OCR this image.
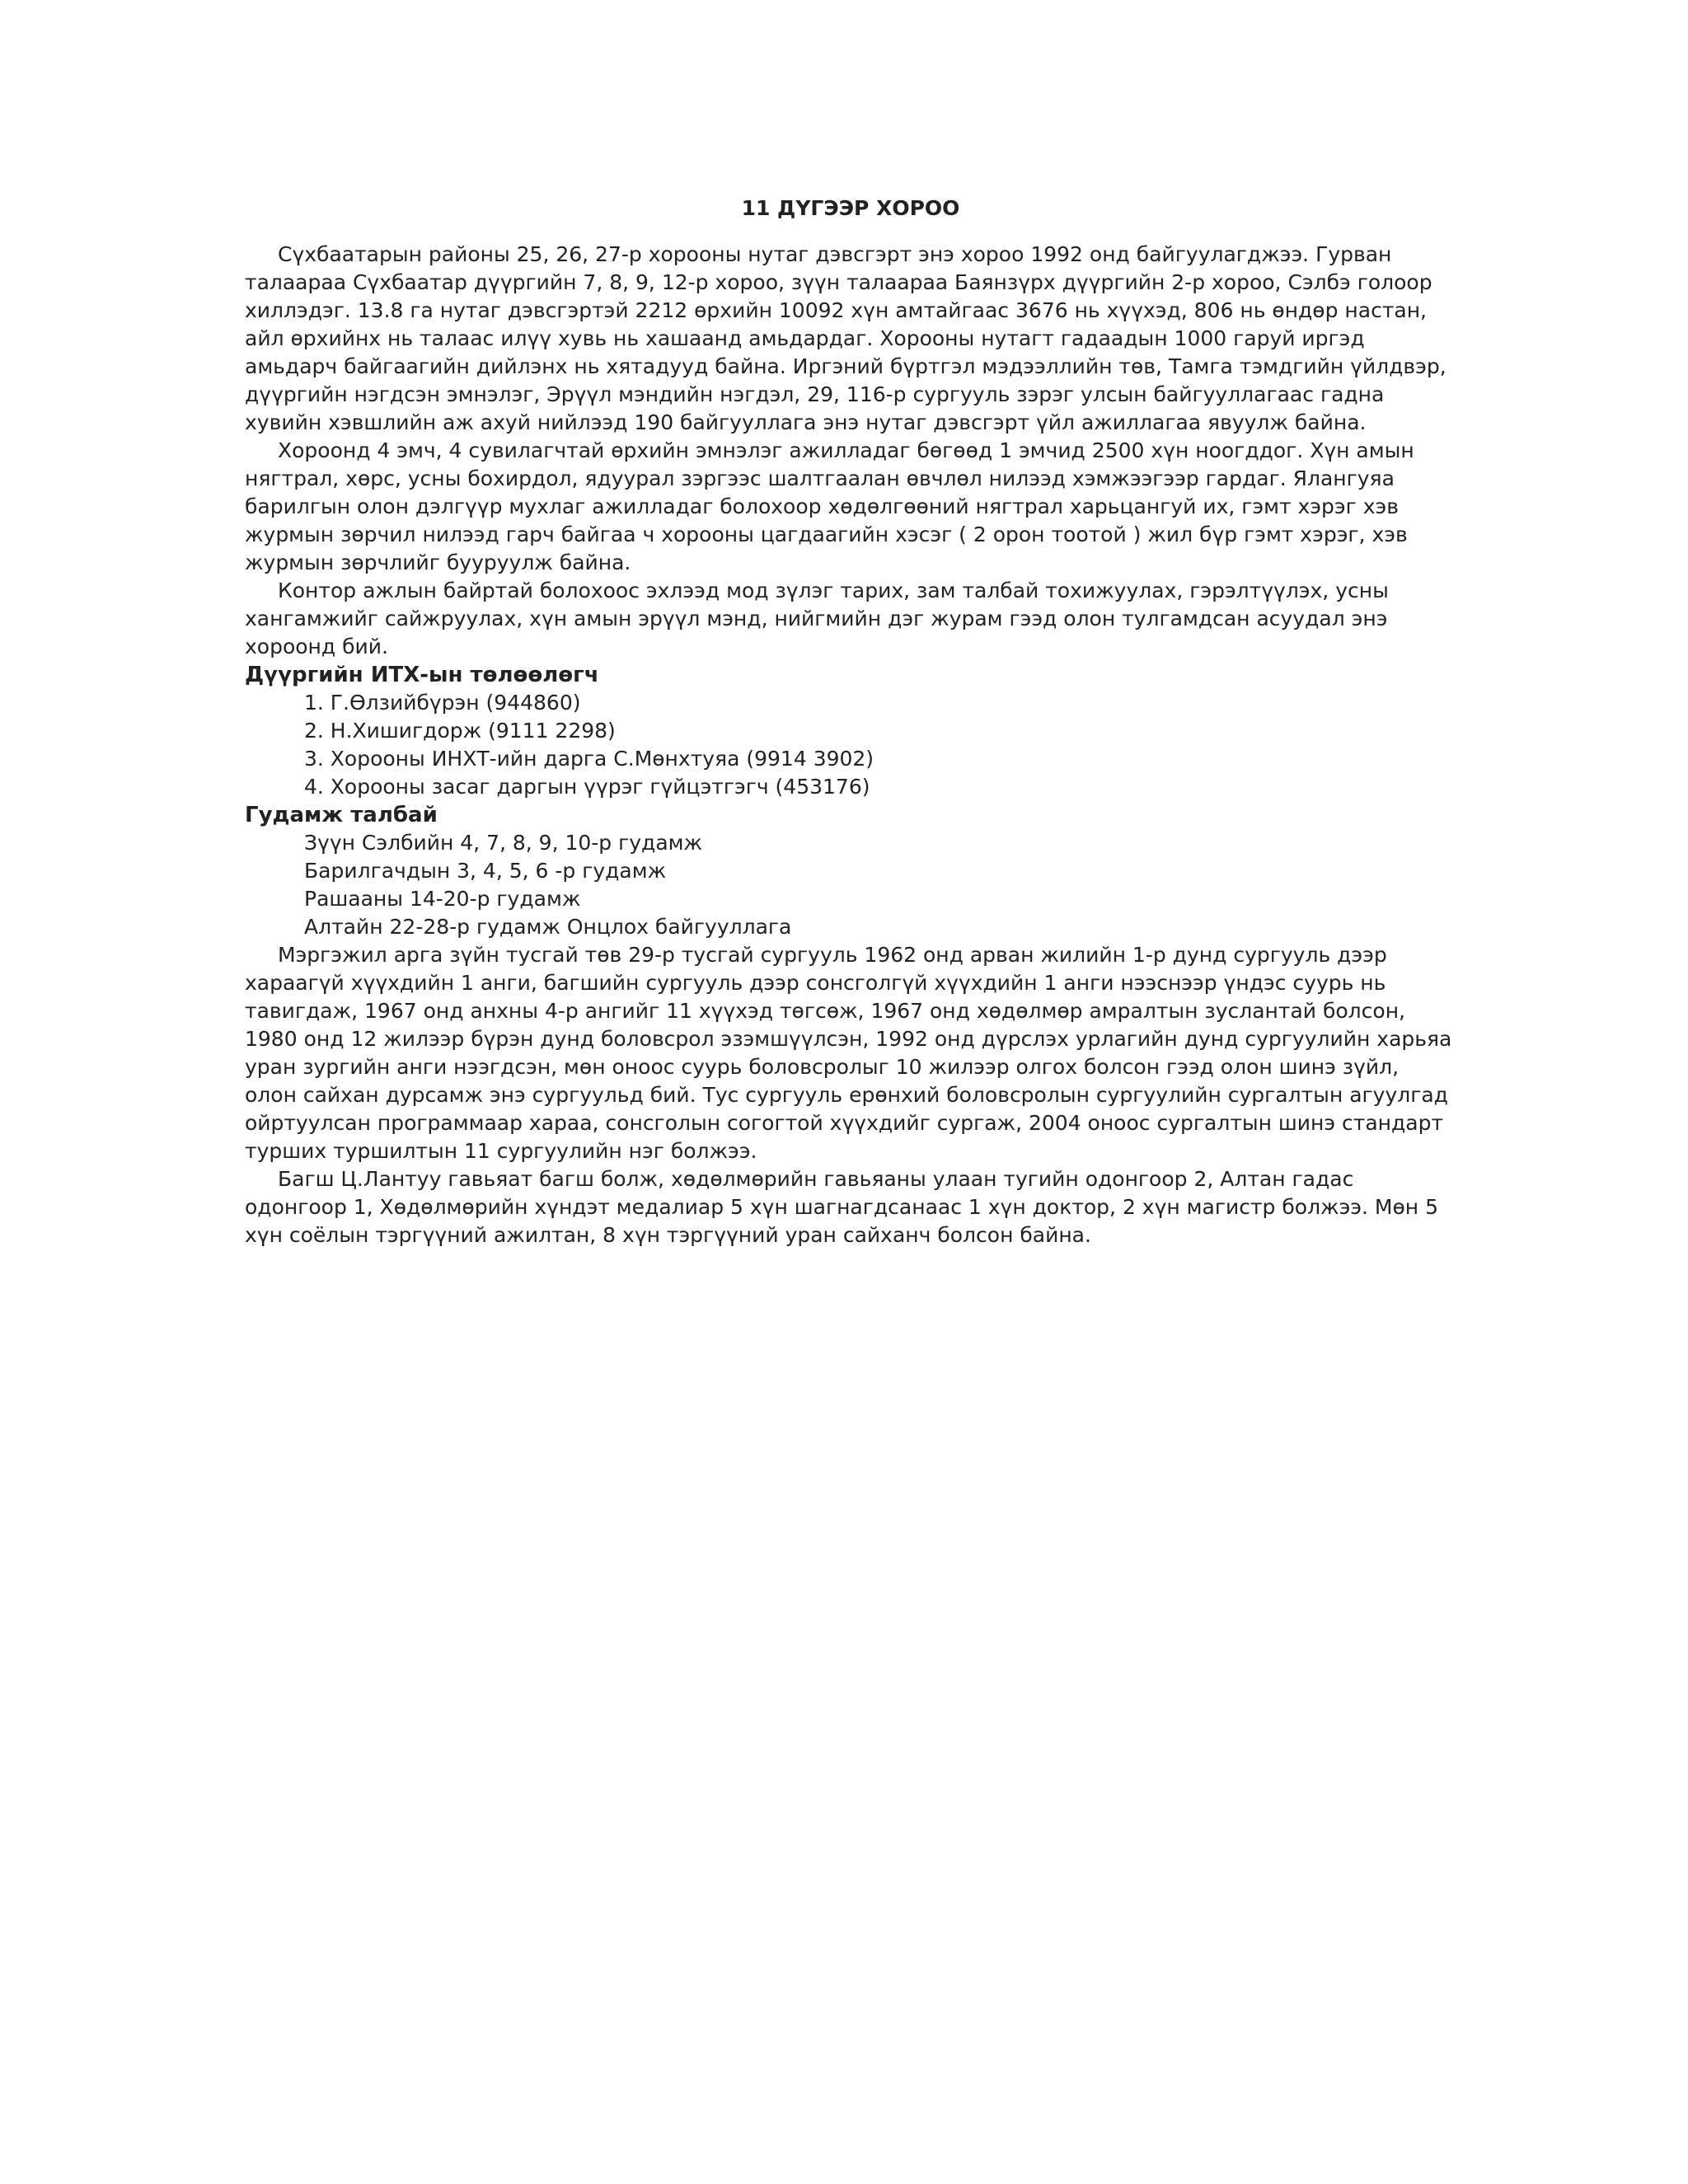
11 ДҮГЭЭР ХОРОО

Сүхбаатарын районы 25, 26, 27-р хорооны нутаг дэвсгэрт энэ хороо 1992 онд байгуулагджээ. Гурван
талаараа Сүхбаатар дүүргийн 7, 8, 9, 12-р хороо, зүүн талаараа Баянзүрх дүүргийн 2-р хороо, Сэлбэ голоор
хиллэдэг. 13.8 га нутаг дэвсгэртэй 2212 өрхийн 10092 хүн амтайгаас 3676 нь хүүхэд, 806 нь өндөр настан,
айл өрхийнх нь талаас илүү хувь нь хашаанд амьдардаг. Хорооны нутагт гадаадын 1000 гаруй иргэд
амьдарч байгаагийн дийлэнх нь хятадууд байна. Иргэний бүртгэл мэдээллийн төв, Тамга тэмдгийн үйлдвэр,
дүүргийн нэгдсэн эмнэлэг, Эрүүл мэндийн нэгдэл, 29, 116-р сургууль зэрэг улсын байгууллагаас гадна
хувийн хэвшлийн аж ахуй нийлээд 190 байгууллага энэ нутаг дэвсгэрт үйл ажиллагаа явуулж байна.

Хороонд 4 эмч, 4 сувилагчтай өрхийн эмнэлэг ажилладаг бөгөөд 1 эмчид 2500 хүн ноогддог. Хүн амын
нягтрал, хөрс, усны бохирдол, ядуурал зэргээс шалтгаалан өвчлөл нилээд хэмжээгээр гардаг. Ялангуяа
барилгын олон дэлгүүр мухлаг ажилладаг болохоор хөдөлгөөний нягтрал харьцангуй их, гэмт хэрэг хэв
журмын зөрчил нилээд гарч байгаа ч хорооны цагдаагийн хэсэг ( 2 орон тоотой ) жил бүр гэмт хэрэг, хэв
журмын зөрчлийг бууруулж байна.

Контор ажлын байртай болохоос эхлээд мод зүлэг тарих, зам талбай тохижуулах, гэрэлтүүлэх, усны
хангамжийг сайжруулах, хүн амын эрүүл мэнд, нийгмийн дэг журам гээд олон тулгамдсан асуудал энэ
хороонд бий.

Дүүргийн ИТХ-ын төлөөлөгч
1. Г.Өлзийбүрэн (944860)
2. Н.Хишигдорж (9111 2298)
3. Хорооны ИНХТ-ийн дарга С.Мөнхтуяа (9914 3902)
4. Хорооны засаг даргын үүрэг гүйцэтгэгч (453176)
Гудамж талбай
Зүүн Сэлбийн 4, 7, 8, 9, 10-р гудамж
Барилгачдын 3, 4, 5, 6 -р гудамж
Рашааны 14-20-р гудамж
Алтайн 22-28-р гудамж Онцлох байгууллага

Мэргэжил арга зүйн тусгай төв 29-р тусгай сургууль 1962 онд арван жилийн 1-р дунд сургууль дээр
хараагүй хүүхдийн 1 анги, багшийн сургууль дээр сонсголгүй хүүхдийн 1 анги нээснээр үндэс суурь нь
тавигдаж, 1967 онд анхны 4-р ангийг 11 хүүхэд төгсөж, 1967 онд хөдөлмөр амралтын зуслантай болсон,
1980 онд 12 жилээр бүрэн дунд боловсрол эзэмшүүлсэн, 1992 онд дүрслэх урлагийн дунд сургуулийн харьяа
уран зургийн анги нээгдсэн, мөн оноос суурь боловсролыг 10 жилээр олгох болсон гээд олон шинэ зүйл,
олон сайхан дурсамж энэ сургуульд бий. Тус сургууль ерөнхий боловсролын сургуулийн сургалтын агуулгад
ойртуулсан программаар хараа, сонсголын согогтой хүүхдийг сургаж, 2004 оноос сургалтын шинэ стандарт
турших туршилтын 11 сургуулийн нэг болжээ.

Багш Ц.Лантуу гавьяат багш болж, хөдөлмөрийн гавьяаны улаан тугийн одонгоор 2, Алтан гадас
одонгоор 1, Хөдөлмөрийн хүндэт медалиар 5 хүн шагнагдсанаас 1 хүн доктор, 2 хүн магистр болжээ. Мөн 5
хүн соёлын тэргүүний ажилтан, 8 хүн тэргүүний уран сайханч болсон байна.
